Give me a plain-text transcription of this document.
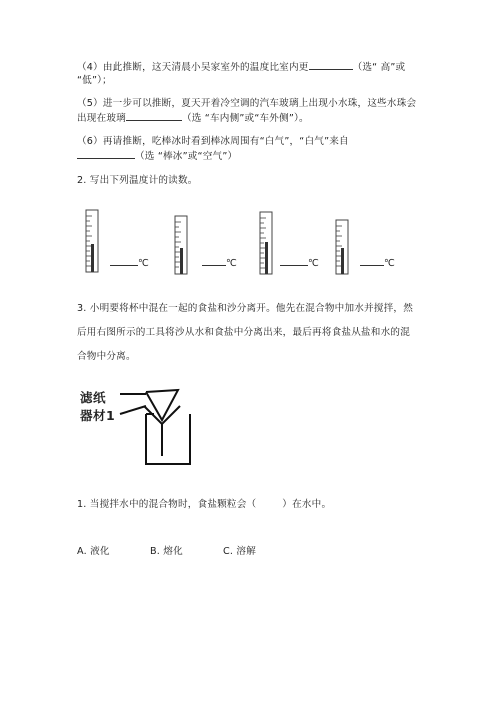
（4）由此推断，这天清晨小吴家室外的温度比室内更	（选“ 高”或
“低”）；
（5）进一步可以推断，夏天开着冷空调的汽车玻璃上出现小水珠，这些水珠会
出现在玻璃	（选 “车内侧”或“车外侧”）。
（6）再请推断，吃棒冰时看到棒冰周围有“白气”，“白气”来自
（选 “棒冰”或“空气”）
2. 写出下列温度计的读数。
℃	℃	℃	℃
3. 小明要将杯中混在一起的食盐和沙分离开。他先在混合物中加水并搅拌，然
后用右图所示的工具将沙从水和食盐中分离出来，最后再将食盐从盐和水的混
合物中分离。
滤纸
器材1
1. 当搅拌水中的混合物时，食盐颗粒会（	）在水中。
A. 液化	B. 熔化	C. 溶解
